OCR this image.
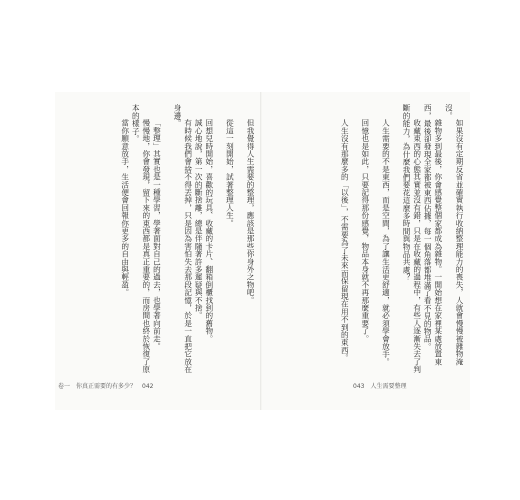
但我覺得人生需要的整理，應該是那些你身外之物吧。

從這一刻開始，試著整理人生。

回想兒時開始，喜歡的玩具、收藏的卡片、翻箱倒櫃找到的舊物。

誠心地說，第一次的斷捨離，總是伴隨著許多遲疑與不捨。

有時候我們會捨不得丟掉，只是因為害怕失去那段記憶，於是一直把它放在身邊。

「整理」其實也是一種學習，學著面對自己的過去，也學著向前走。

慢慢地，你會發現，留下來的東西都是真正重要的，而房間也終於恢復了原本的樣子。

當你願意放手，生活便會回報你更多的自由與輕盈。	如果沒有定期反省並確實執行收納整理能力的喪失，人就會慢慢被雜物淹沒。

雜物多到最後，你會感覺整個家都成為雜物。一開始想在家裡某處放置東西，最後卻發現全家都被東西佔據，每一個角落都堆滿了看不見的物品。

收藏東西的心態其實並沒有錯，只是在收藏的過程中，有些人逐漸失去了判斷的能力，為什麼我們要花這麼多時間與物品共處？

人生需要的不是東西，而是空間，為了讓生活更舒適，就必須學會放手。

回憶也是如此，只要記得那份感覺，物品本身就不再那麼重要了。

人生沒有那麼多的「以後」，不需要為了未來而保留現在用不到的東西。

卷一　你真正需要的有多少？ 042	043 人生需要整理
